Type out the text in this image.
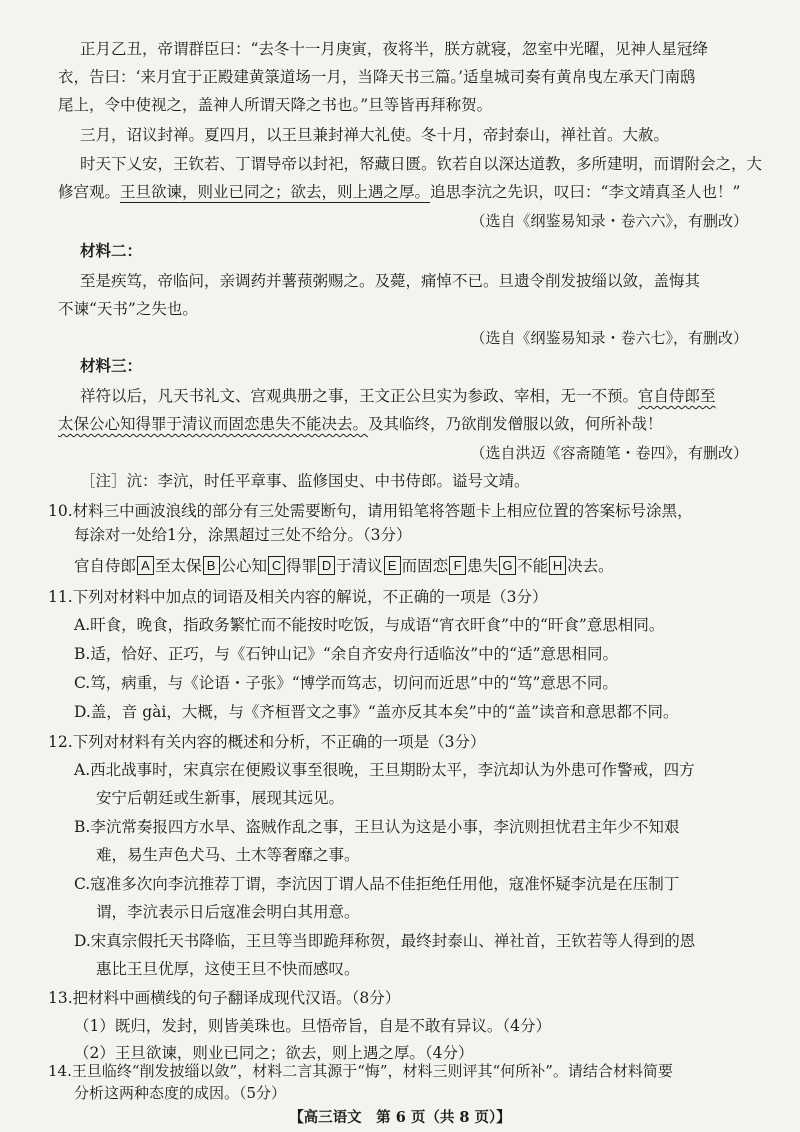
正月乙丑，帝谓群臣曰：“去冬十一月庚寅，夜将半，朕方就寝，忽室中光曜，见神人星冠绛
衣，告曰：‘来月宜于正殿建黄箓道场一月，当降天书三篇。’适皇城司奏有黄帛曳左承天门南鸱
尾上，令中使视之，盖神人所谓天降之书也。”旦等皆再拜称贺。
三月，诏议封禅。夏四月，以王旦兼封禅大礼使。冬十月，帝封泰山，禅社首。大赦。
时天下乂安，王钦若、丁谓导帝以封祀，帑藏日匮。钦若自以深达道教，多所建明，而谓附会之，大
修宫观。王旦欲谏，则业已同之；欲去，则上遇之厚。追思李沆之先识，叹曰：“李文靖真圣人也！”
（选自《纲鉴易知录・卷六六》，有删改）
材料二：
至是疾笃，帝临问，亲调药并薯蓣粥赐之。及薨，痛悼不已。旦遗令削发披缁以敛，盖悔其
不谏“天书”之失也。
（选自《纲鉴易知录・卷六七》，有删改）
材料三：
祥符以后，凡天书礼文、宫观典册之事，王文正公旦实为参政、宰相，无一不预。官自侍郎至
太保公心知得罪于清议而固恋患失不能决去。及其临终，乃欲削发僧服以敛，何所补哉！
（选自洪迈《容斋随笔・卷四》，有删改）
［注］沆：李沆，时任平章事、监修国史、中书侍郎。谥号文靖。
10.材料三中画波浪线的部分有三处需要断句，请用铅笔将答题卡上相应位置的答案标号涂黑，
每涂对一处给1分，涂黑超过三处不给分。（3分）
官自侍郎 A 至太保 B 公心知 C 得罪 D 于清议 E 而固恋 F 患失 G 不能 H 决去。
11.下列对材料中加点的词语及相关内容的解说，不正确的一项是（3分）
A.旰食，晚食，指政务繁忙而不能按时吃饭，与成语“宵衣旰食”中的“旰食”意思相同。
B.适，恰好、正巧，与《石钟山记》“余自齐安舟行适临汝”中的“适”意思相同。
C.笃，病重，与《论语・子张》“博学而笃志，切问而近思”中的“笃”意思不同。
D.盖，音 gài，大概，与《齐桓晋文之事》“盖亦反其本矣”中的“盖”读音和意思都不同。
12.下列对材料有关内容的概述和分析，不正确的一项是（3分）
A.西北战事时，宋真宗在便殿议事至很晚，王旦期盼太平，李沆却认为外患可作警戒，四方
安宁后朝廷或生新事，展现其远见。
B.李沆常奏报四方水旱、盗贼作乱之事，王旦认为这是小事，李沆则担忧君主年少不知艰
难，易生声色犬马、土木等奢靡之事。
C.寇准多次向李沆推荐丁谓，李沆因丁谓人品不佳拒绝任用他，寇准怀疑李沆是在压制丁
谓，李沆表示日后寇准会明白其用意。
D.宋真宗假托天书降临，王旦等当即跪拜称贺，最终封泰山、禅社首，王钦若等人得到的恩
惠比王旦优厚，这使王旦不快而感叹。
13.把材料中画横线的句子翻译成现代汉语。（8分）
（1）既归，发封，则皆美珠也。旦悟帝旨，自是不敢有异议。（4分）
（2）王旦欲谏，则业已同之；欲去，则上遇之厚。（4分）
【高三语文　第 6 页（共 8 页）】
14.王旦临终“削发披缁以敛”，材料二言其源于“悔”，材料三则评其“何所补”。请结合材料简要
分析这两种态度的成因。（5分）
